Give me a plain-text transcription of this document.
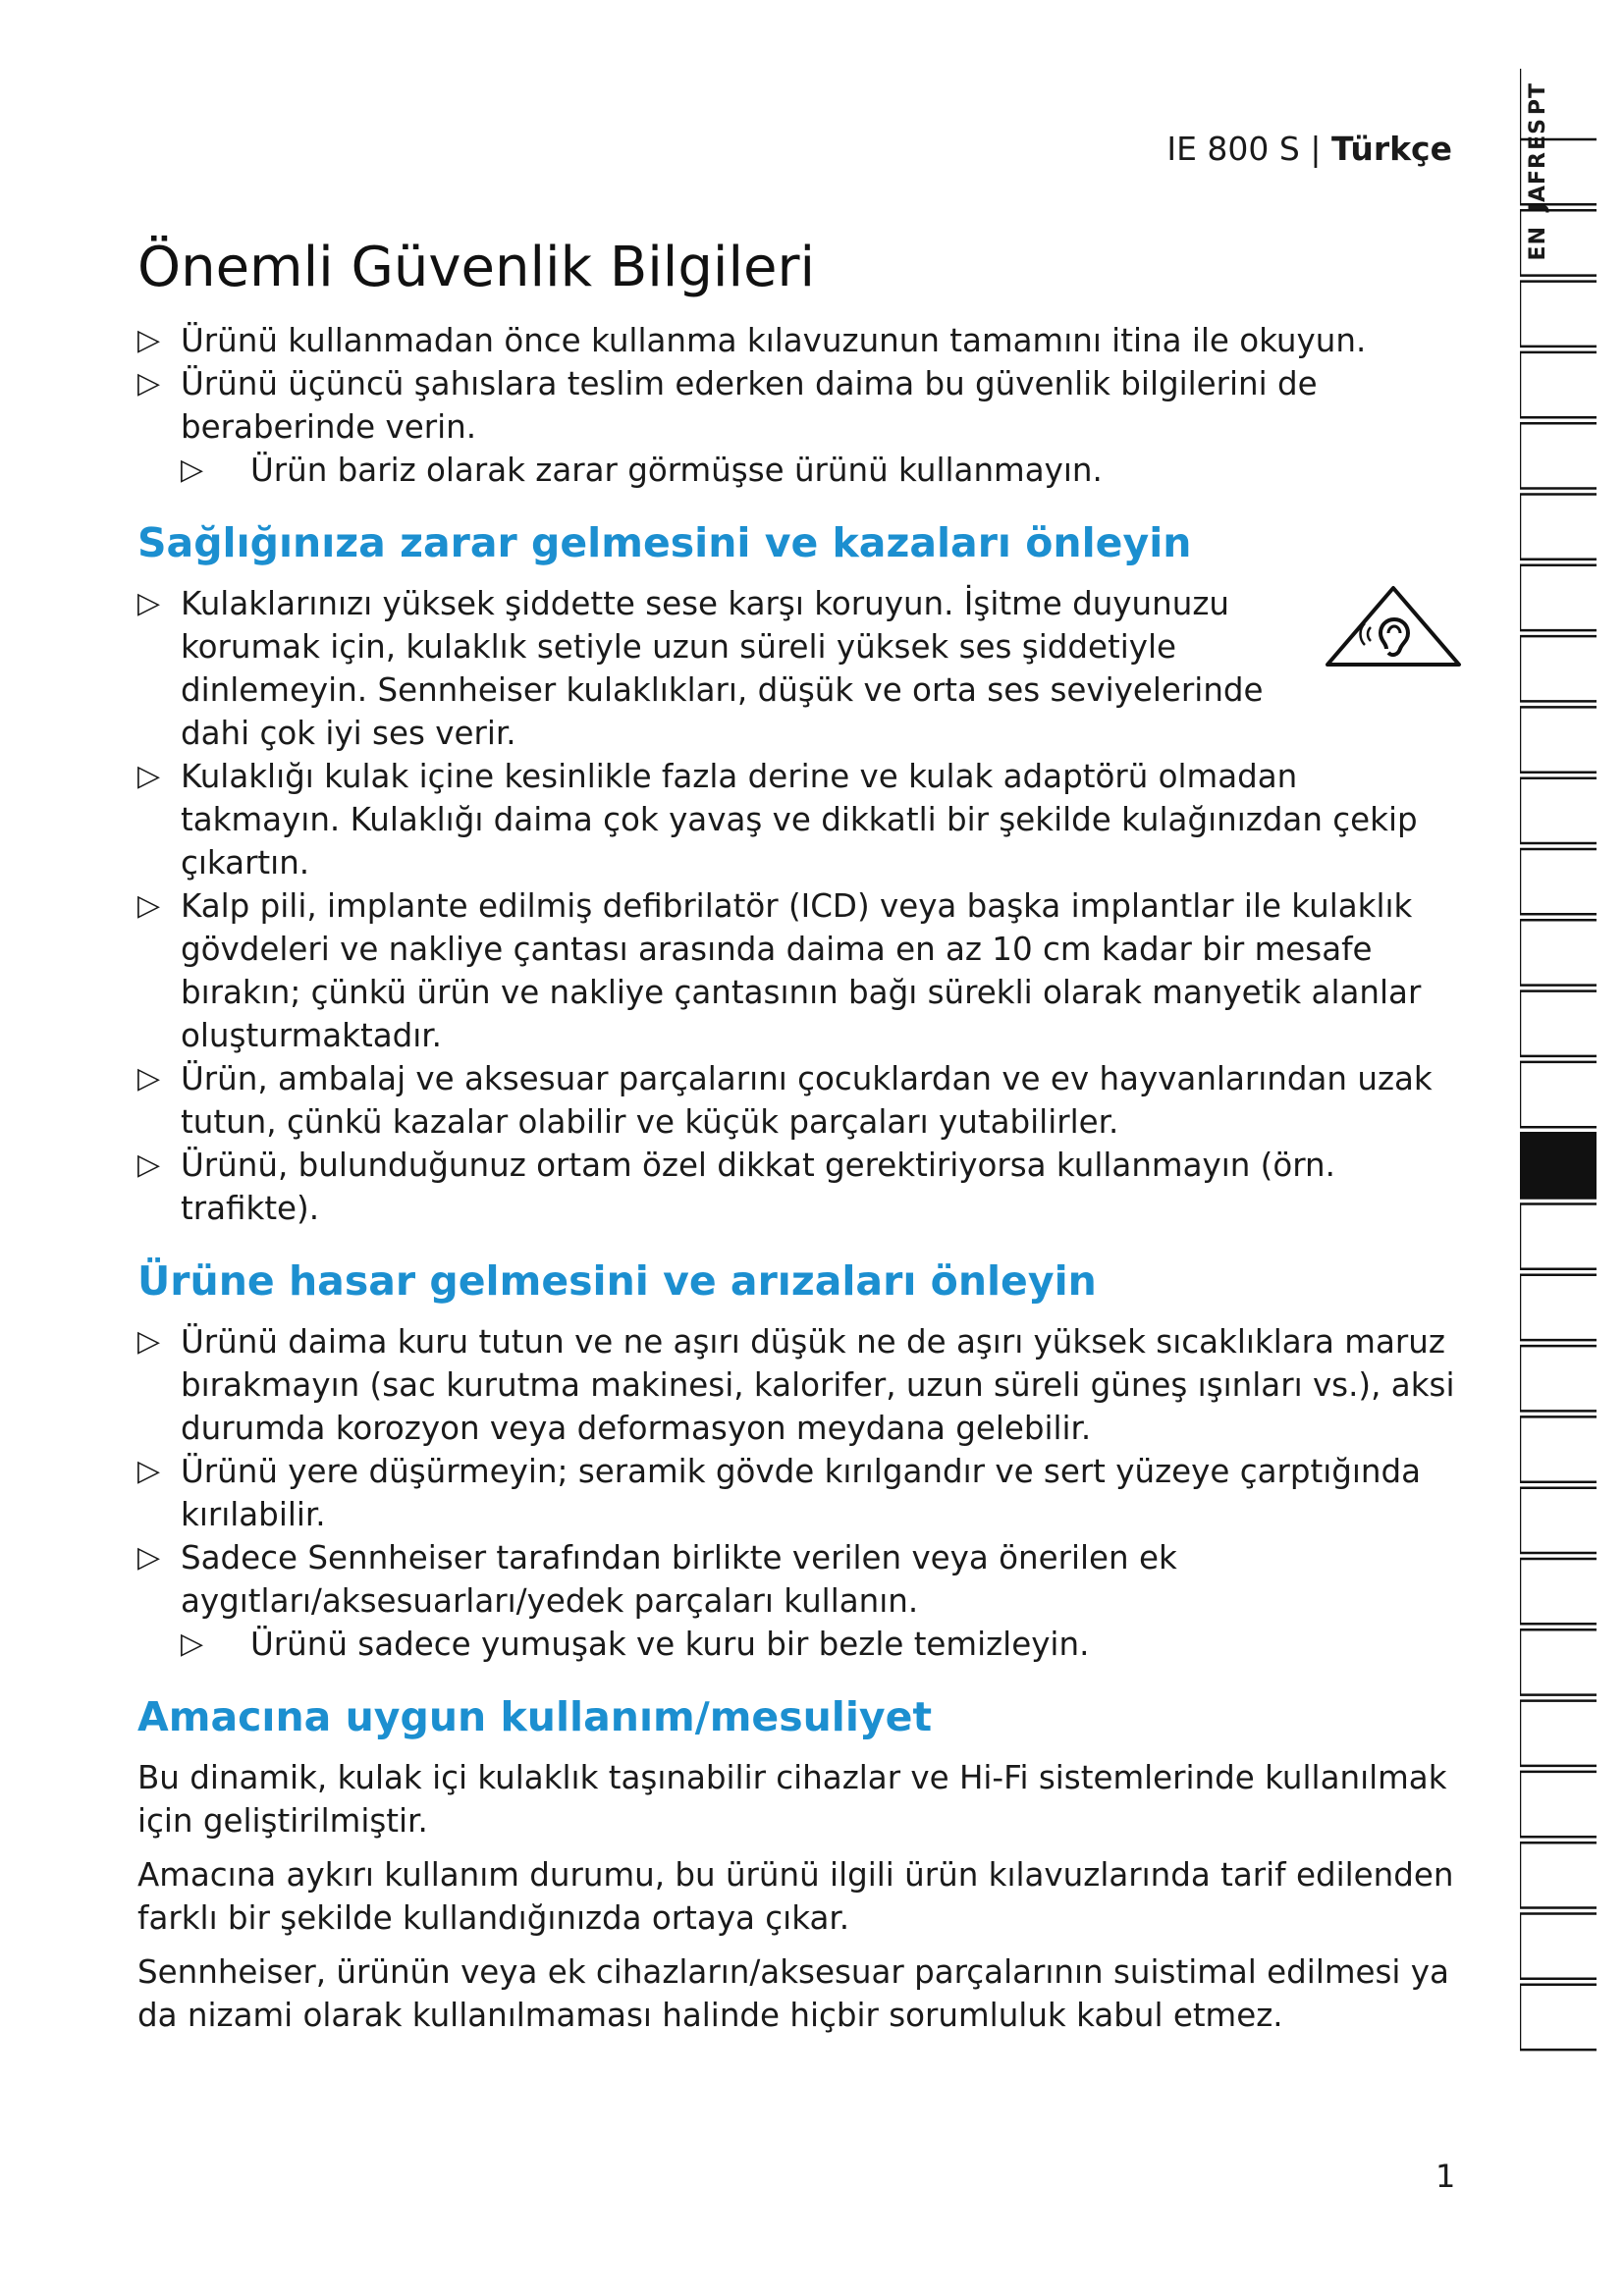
IE 800 S | Türkçe
Önemli Güvenlik Bilgileri

▷ Ürünü kullanmadan önce kullanma kılavuzunun tamamını itina ile okuyun.

▷ Ürünü üçüncü şahıslara teslim ederken daima bu güvenlik bilgilerini de beraberinde verin.

▷ Ürün bariz olarak zarar görmüşse ürünü kullanmayın.

Sağlığınıza zarar gelmesini ve kazaları önleyin

▷ Kulaklarınızı yüksek şiddette sese karşı koruyun. İşitme duyunuzu korumak için, kulaklık setiyle uzun süreli yüksek ses şiddetiyle dinlemeyin. Sennheiser kulaklıkları, düşük ve orta ses seviyelerinde dahi çok iyi ses verir.

▷ Kulaklığı kulak içine kesinlikle fazla derine ve kulak adaptörü olmadan takmayın. Kulaklığı daima çok yavaş ve dikkatli bir şekilde kulağınızdan çekip çıkartın.

▷ Kalp pili, implante edilmiş defibrilatör (ICD) veya başka implantlar ile kulaklık gövdeleri ve nakliye çantası arasında daima en az 10 cm kadar bir mesafe bırakın; çünkü ürün ve nakliye çantasının bağı sürekli olarak manyetik alanlar oluşturmaktadır.

▷ Ürün, ambalaj ve aksesuar parçalarını çocuklardan ve ev hayvanlarından uzak tutun, çünkü kazalar olabilir ve küçük parçaları yutabilirler.

▷ Ürünü, bulunduğunuz ortam özel dikkat gerektiriyorsa kullanmayın (örn. trafikte).

Ürüne hasar gelmesini ve arızaları önleyin

▷ Ürünü daima kuru tutun ve ne aşırı düşük ne de aşırı yüksek sıcaklıklara maruz bırakmayın (sac kurutma makinesi, kalorifer, uzun süreli güneş ışınları vs.), aksi durumda korozyon veya deformasyon meydana gelebilir.

▷ Ürünü yere düşürmeyin; seramik gövde kırılgandır ve sert yüzeye çarptığında kırılabilir.

▷ Sadece Sennheiser tarafından birlikte verilen veya önerilen ek aygıtları/aksesuarları/yedek parçaları kullanın.

▷ Ürünü sadece yumuşak ve kuru bir bezle temizleyin.

Amacına uygun kullanım/mesuliyet

Bu dinamik, kulak içi kulaklık taşınabilir cihazlar ve Hi-Fi sistemlerinde kullanılmak için geliştirilmiştir.

Amacına aykırı kullanım durumu, bu ürünü ilgili ürün kılavuzlarında tarif edilenden farklı bir şekilde kullandığınızda ortaya çıkar.

Sennheiser, ürünün veya ek cihazların/aksesuar parçalarının suistimal edilmesi ya da nizami olarak kullanılmaması halinde hiçbir sorumluluk kabul etmez.

1
EN
JA
FR
ES
PT
